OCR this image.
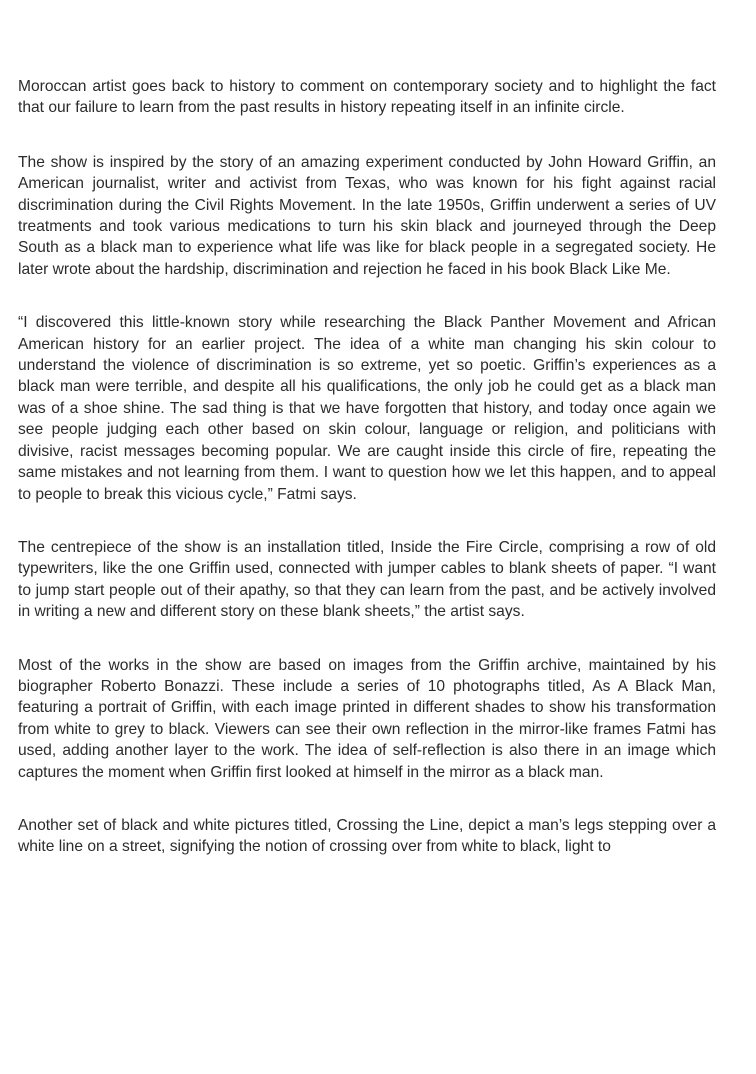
Moroccan artist goes back to history to comment on contemporary society and to highlight the fact that our failure to learn from the past results in history repeating itself in an infinite circle.

The show is inspired by the story of an amazing experiment conducted by John Howard Griffin, an American journalist, writer and activist from Texas, who was known for his fight against racial discrimination during the Civil Rights Movement. In the late 1950s, Griffin underwent a series of UV treatments and took various medications to turn his skin black and journeyed through the Deep South as a black man to experience what life was like for black people in a segregated society. He later wrote about the hardship, discrimination and rejection he faced in his book Black Like Me.

“I discovered this little-known story while researching the Black Panther Movement and African American history for an earlier project. The idea of a white man changing his skin colour to understand the violence of discrimination is so extreme, yet so poetic. Griffin’s experiences as a black man were terrible, and despite all his qualifications, the only job he could get as a black man was of a shoe shine. The sad thing is that we have forgotten that history, and today once again we see people judging each other based on skin colour, language or religion, and politicians with divisive, racist messages becoming popular. We are caught inside this circle of fire, repeating the same mistakes and not learning from them. I want to question how we let this happen, and to appeal to people to break this vicious cycle,” Fatmi says.

The centrepiece of the show is an installation titled, Inside the Fire Circle, comprising a row of old typewriters, like the one Griffin used, connected with jumper cables to blank sheets of paper. “I want to jump start people out of their apathy, so that they can learn from the past, and be actively involved in writing a new and different story on these blank sheets,” the artist says.

Most of the works in the show are based on images from the Griffin archive, maintained by his biographer Roberto Bonazzi. These include a series of 10 photographs titled, As A Black Man, featuring a portrait of Griffin, with each image printed in different shades to show his transformation from white to grey to black. Viewers can see their own reflection in the mirror-like frames Fatmi has used, adding another layer to the work. The idea of self-reflection is also there in an image which captures the moment when Griffin first looked at himself in the mirror as a black man.

Another set of black and white pictures titled, Crossing the Line, depict a man’s legs stepping over a white line on a street, signifying the notion of crossing over from white to black, light to
